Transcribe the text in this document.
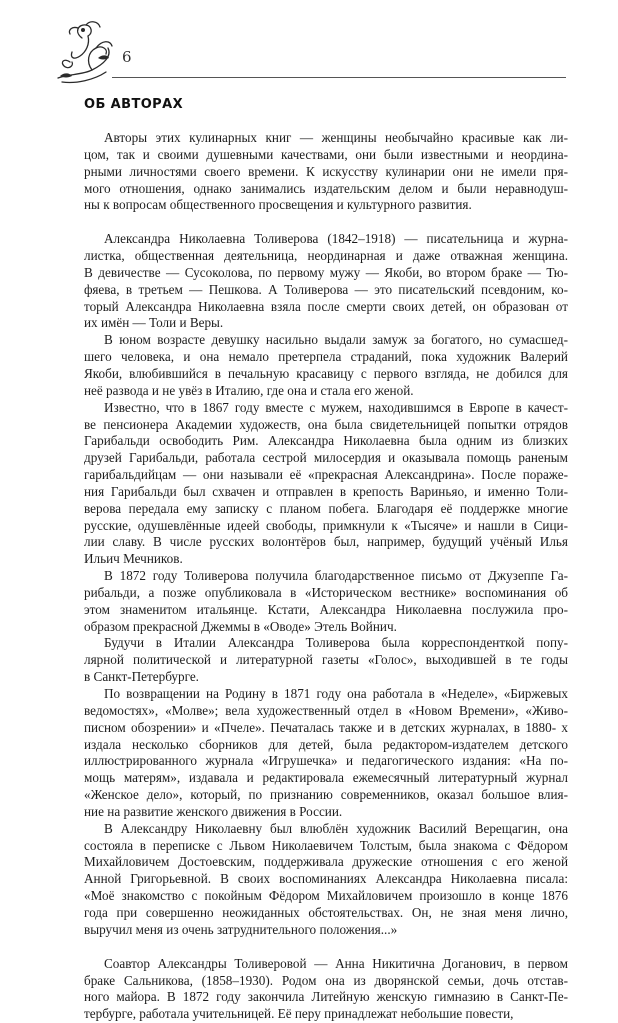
6
ОБ АВТОРАХ

Авторы этих кулинарных книг — женщины необычайно красивые как ли-
цом, так и своими душевными качествами, они были известными и неордина-
рными личностями своего времени. К искусству кулинарии они не имели пря-
мого отношения, однако занимались издательским делом и были неравнодуш-
ны к вопросам общественного просвещения и культурного развития.

Александра Николаевна Толиверова (1842–1918) — писательница и журна-
листка, общественная деятельница, неординарная и даже отважная женщина.
В девичестве — Сусоколова, по первому мужу — Якоби, во втором браке — Тю-
фяева, в третьем — Пешкова. А Толиверова — это писательский псевдоним, ко-
торый Александра Николаевна взяла после смерти своих детей, он образован от
их имён — Толи и Веры.

В юном возрасте девушку насильно выдали замуж за богатого, но сумасшед-
шего человека, и она немало претерпела страданий, пока художник Валерий
Якоби, влюбившийся в печальную красавицу с первого взгляда, не добился для
неё развода и не увёз в Италию, где она и стала его женой.

Известно, что в 1867 году вместе с мужем, находившимся в Европе в качест-
ве пенсионера Академии художеств, она была свидетельницей попытки отрядов
Гарибальди освободить Рим. Александра Николаевна была одним из близких
друзей Гарибальди, работала сестрой милосердия и оказывала помощь раненым
гарибальдийцам — они называли её «прекрасная Александрина». После пораже-
ния Гарибальди был схвачен и отправлен в крепость Вариньяо, и именно Толи-
верова передала ему записку с планом побега. Благодаря её поддержке многие
русские, одушевлённые идеей свободы, примкнули к «Тысяче» и нашли в Сици-
лии славу. В числе русских волонтёров был, например, будущий учёный Илья
Ильич Мечников.

В 1872 году Толиверова получила благодарственное письмо от Джузеппе Га-
рибальди, а позже опубликовала в «Историческом вестнике» воспоминания об
этом знаменитом итальянце. Кстати, Александра Николаевна послужила про-
образом прекрасной Джеммы в «Оводе» Этель Войнич.

Будучи в Италии Александра Толиверова была корреспонденткой попу-
лярной политической и литературной газеты «Голос», выходившей в те годы
в Санкт-Петербурге.

По возвращении на Родину в 1871 году она работала в «Неделе», «Биржевых
ведомостях», «Молве»; вела художественный отдел в «Новом Времени», «Живо-
писном обозрении» и «Пчеле». Печаталась также и в детских журналах, в 1880- х
издала несколько сборников для детей, была редактором-издателем детского
иллюстрированного журнала «Игрушечка» и педагогического издания: «На по-
мощь матерям», издавала и редактировала ежемесячный литературный журнал
«Женское дело», который, по признанию современников, оказал большое влия-
ние на развитие женского движения в России.

В Александру Николаевну был влюблён художник Василий Верещагин, она
состояла в переписке с Львом Николаевичем Толстым, была знакома с Фёдором
Михайловичем Достоевским, поддерживала дружеские отношения с его женой
Анной Григорьевной. В своих воспоминаниях Александра Николаевна писала:
«Моё знакомство с покойным Фёдором Михайловичем произошло в конце 1876
года при совершенно неожиданных обстоятельствах. Он, не зная меня лично,
выручил меня из очень затруднительного положения...»

Соавтор Александры Толиверовой — Анна Никитична Доганович, в первом
браке Сальникова, (1858–1930). Родом она из дворянской семьи, дочь отстав-
ного майора. В 1872 году закончила Литейную женскую гимназию в Санкт-Пе-
тербурге, работала учительницей. Её перу принадлежат небольшие повести,
